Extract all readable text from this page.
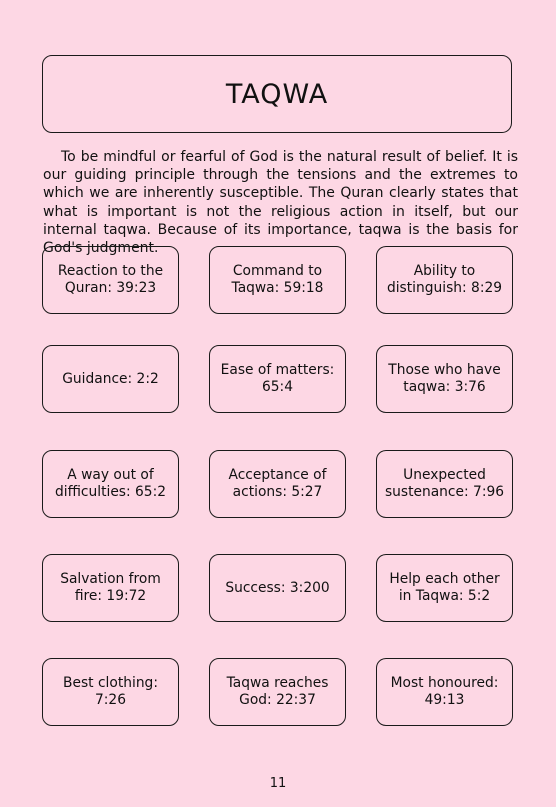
TAQWA

To be mindful or fearful of God is the natural result of belief. It is our guiding principle through the tensions and the extremes to which we are inherently susceptible. The Quran clearly states that what is important is not the religious action in itself, but our internal taqwa. Because of its importance, taqwa is the basis for God's judgment.

Reaction to the Quran: 39:23
Command to Taqwa: 59:18
Ability to distinguish: 8:29
Guidance: 2:2
Ease of matters: 65:4
Those who have taqwa: 3:76
A way out of difficulties: 65:2
Acceptance of actions: 5:27
Unexpected sustenance: 7:96
Salvation from fire: 19:72
Success: 3:200
Help each other in Taqwa: 5:2
Best clothing: 7:26
Taqwa reaches God: 22:37
Most honoured: 49:13
11
